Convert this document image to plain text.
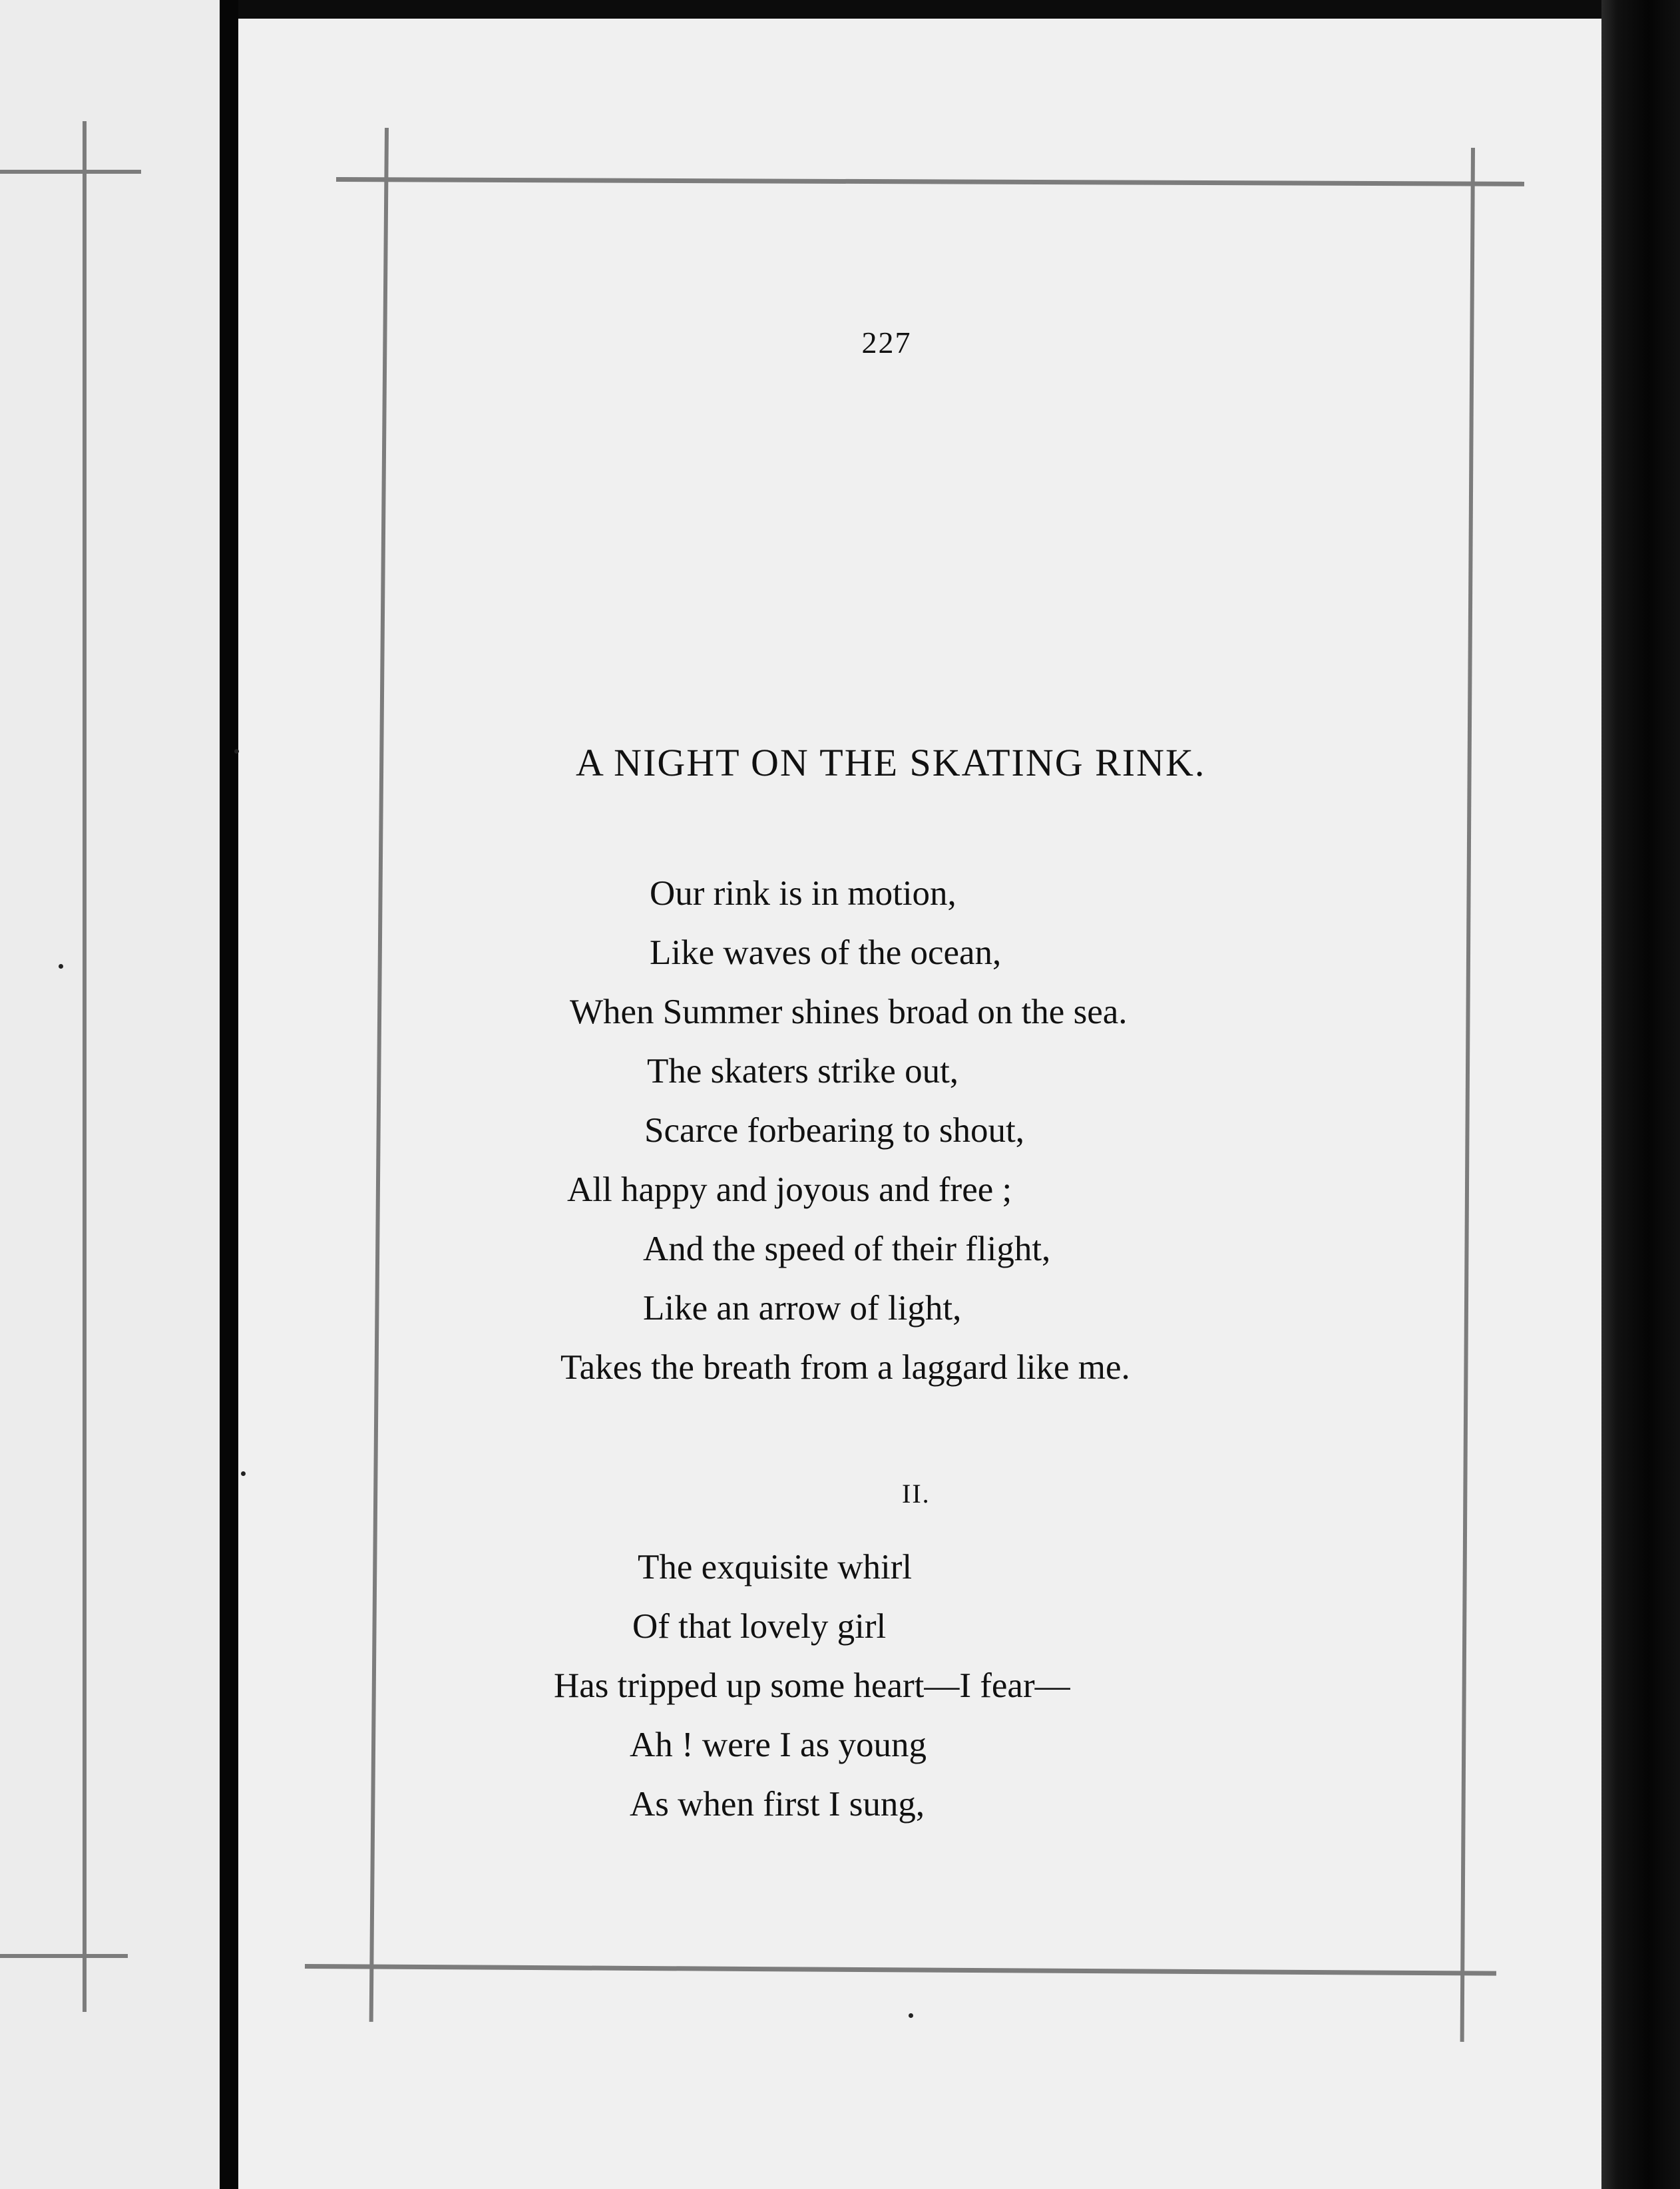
227
A NIGHT ON THE SKATING RINK.
Our rink is in motion,
Like waves of the ocean,
When Summer shines broad on the sea.
The skaters strike out,
Scarce forbearing to shout,
All happy and joyous and free ;
And the speed of their flight,
Like an arrow of light,
Takes the breath from a laggard like me.
II.
The exquisite whirl
Of that lovely girl
Has tripped up some heart—I fear—
Ah ! were I as young
As when first I sung,
